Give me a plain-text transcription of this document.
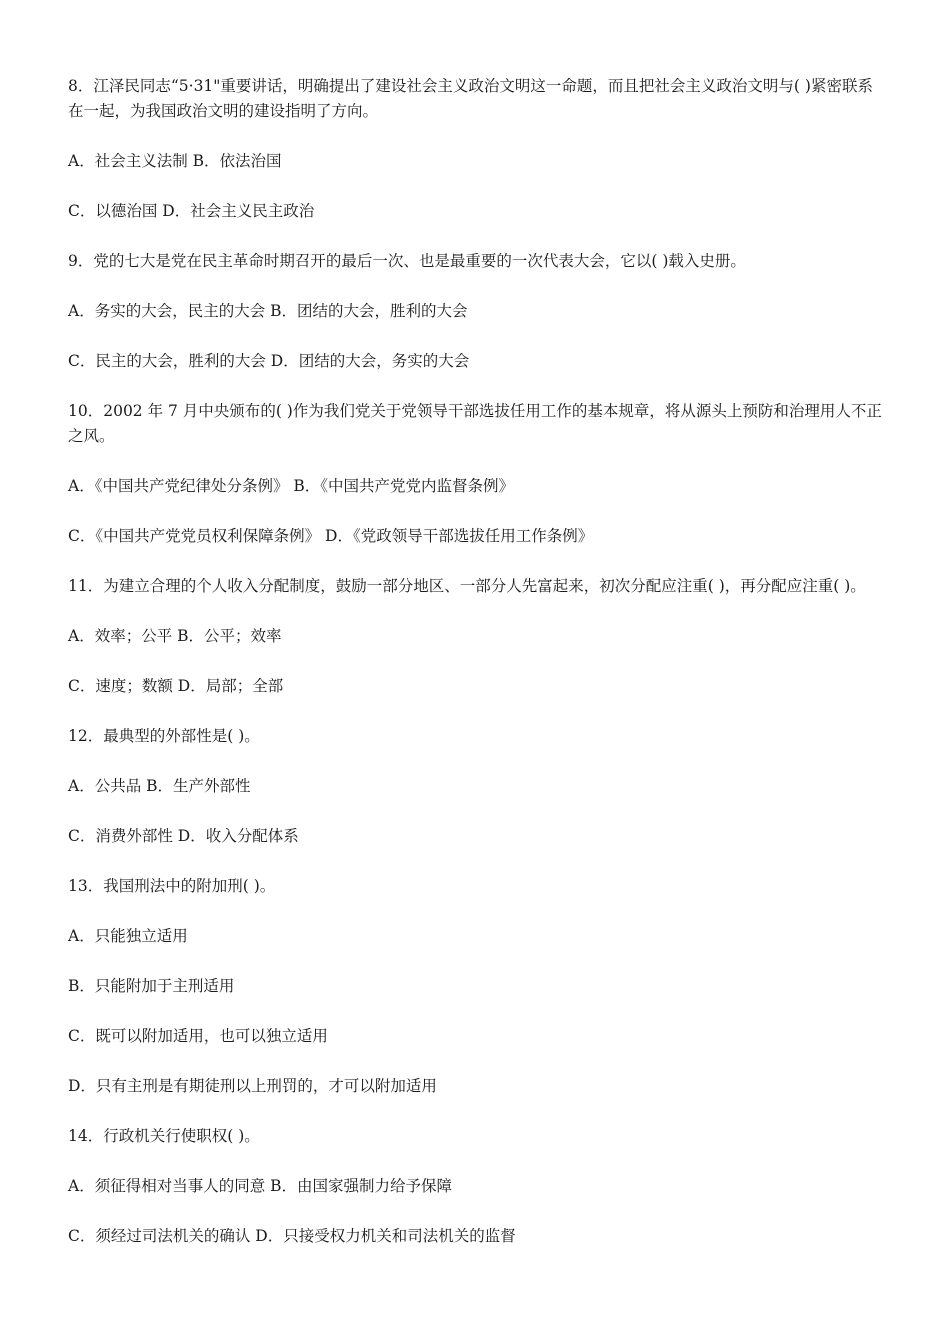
8．江泽民同志“5·31"重要讲话，明确提出了建设社会主义政治文明这一命题，而且把社会主义政治文明与( )紧密联系在一起，为我国政治文明的建设指明了方向。

A．社会主义法制 B．依法治国

C．以德治国 D．社会主义民主政治

9．党的七大是党在民主革命时期召开的最后一次、也是最重要的一次代表大会，它以( )载入史册。

A．务实的大会，民主的大会 B．团结的大会，胜利的大会

C．民主的大会，胜利的大会 D．团结的大会，务实的大会

10．2002 年 7 月中央颁布的( )作为我们党关于党领导干部选拔任用工作的基本规章，将从源头上预防和治理用人不正之风。

A．《中国共产党纪律处分条例》 B．《中国共产党党内监督条例》

C．《中国共产党党员权利保障条例》 D．《党政领导干部选拔任用工作条例》

11．为建立合理的个人收入分配制度，鼓励一部分地区、一部分人先富起来，初次分配应注重( )，再分配应注重( )。

A．效率；公平 B．公平；效率

C．速度；数额 D．局部；全部

12．最典型的外部性是( )。

A．公共品 B．生产外部性

C．消费外部性 D．收入分配体系

13．我国刑法中的附加刑( )。

A．只能独立适用

B．只能附加于主刑适用

C．既可以附加适用，也可以独立适用

D．只有主刑是有期徒刑以上刑罚的，才可以附加适用

14．行政机关行使职权( )。

A．须征得相对当事人的同意 B．由国家强制力给予保障

C．须经过司法机关的确认 D．只接受权力机关和司法机关的监督
